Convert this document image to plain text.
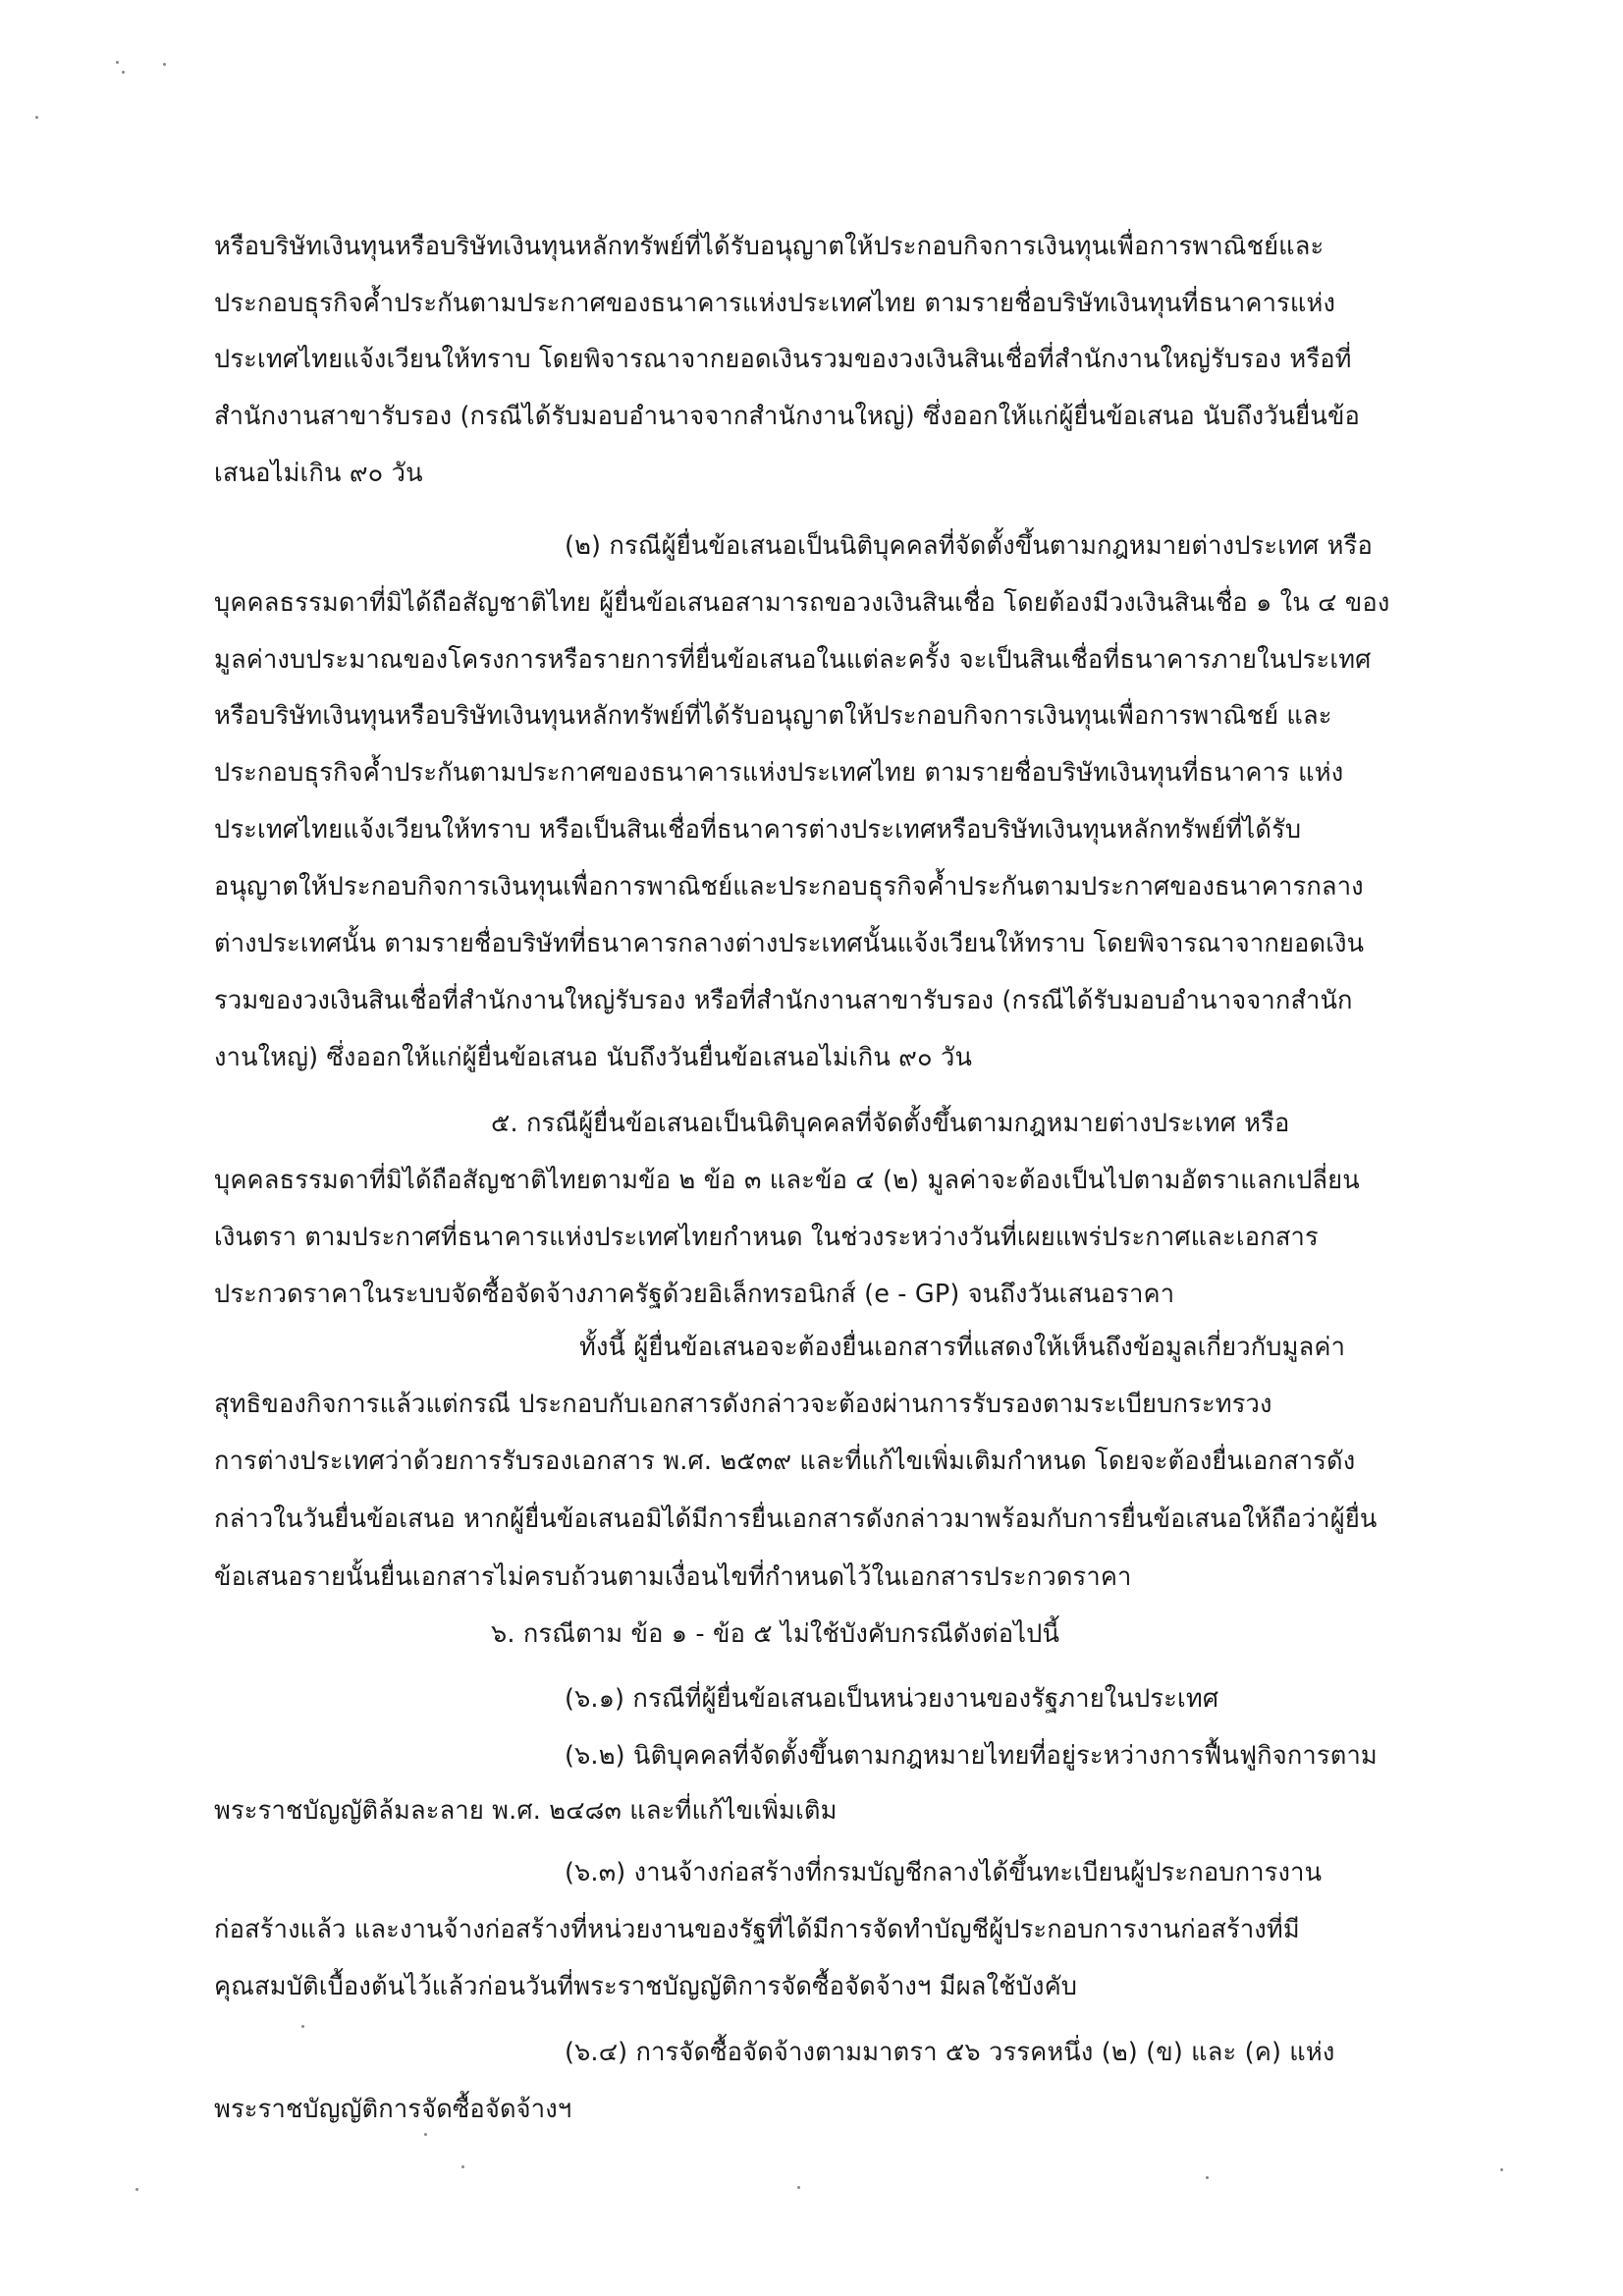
หรือบริษัทเงินทุนหรือบริษัทเงินทุนหลักทรัพย์ที่ได้รับอนุญาตให้ประกอบกิจการเงินทุนเพื่อการพาณิชย์และ
ประกอบธุรกิจค้ำประกันตามประกาศของธนาคารแห่งประเทศไทย ตามรายชื่อบริษัทเงินทุนที่ธนาคารแห่ง
ประเทศไทยแจ้งเวียนให้ทราบ โดยพิจารณาจากยอดเงินรวมของวงเงินสินเชื่อที่สำนักงานใหญ่รับรอง หรือที่
สำนักงานสาขารับรอง (กรณีได้รับมอบอำนาจจากสำนักงานใหญ่) ซึ่งออกให้แก่ผู้ยื่นข้อเสนอ นับถึงวันยื่นข้อ
เสนอไม่เกิน ๙๐ วัน
(๒) กรณีผู้ยื่นข้อเสนอเป็นนิติบุคคลที่จัดตั้งขึ้นตามกฎหมายต่างประเทศ หรือ
บุคคลธรรมดาที่มิได้ถือสัญชาติไทย ผู้ยื่นข้อเสนอสามารถขอวงเงินสินเชื่อ โดยต้องมีวงเงินสินเชื่อ ๑ ใน ๔ ของ
มูลค่างบประมาณของโครงการหรือรายการที่ยื่นข้อเสนอในแต่ละครั้ง จะเป็นสินเชื่อที่ธนาคารภายในประเทศ
หรือบริษัทเงินทุนหรือบริษัทเงินทุนหลักทรัพย์ที่ได้รับอนุญาตให้ประกอบกิจการเงินทุนเพื่อการพาณิชย์ และ
ประกอบธุรกิจค้ำประกันตามประกาศของธนาคารแห่งประเทศไทย ตามรายชื่อบริษัทเงินทุนที่ธนาคาร แห่ง
ประเทศไทยแจ้งเวียนให้ทราบ หรือเป็นสินเชื่อที่ธนาคารต่างประเทศหรือบริษัทเงินทุนหลักทรัพย์ที่ได้รับ
อนุญาตให้ประกอบกิจการเงินทุนเพื่อการพาณิชย์และประกอบธุรกิจค้ำประกันตามประกาศของธนาคารกลาง
ต่างประเทศนั้น ตามรายชื่อบริษัทที่ธนาคารกลางต่างประเทศนั้นแจ้งเวียนให้ทราบ โดยพิจารณาจากยอดเงิน
รวมของวงเงินสินเชื่อที่สำนักงานใหญ่รับรอง หรือที่สำนักงานสาขารับรอง (กรณีได้รับมอบอำนาจจากสำนัก
งานใหญ่) ซึ่งออกให้แก่ผู้ยื่นข้อเสนอ นับถึงวันยื่นข้อเสนอไม่เกิน ๙๐ วัน
๕. กรณีผู้ยื่นข้อเสนอเป็นนิติบุคคลที่จัดตั้งขึ้นตามกฎหมายต่างประเทศ หรือ
บุคคลธรรมดาที่มิได้ถือสัญชาติไทยตามข้อ ๒ ข้อ ๓ และข้อ ๔ (๒) มูลค่าจะต้องเป็นไปตามอัตราแลกเปลี่ยน
เงินตรา ตามประกาศที่ธนาคารแห่งประเทศไทยกำหนด ในช่วงระหว่างวันที่เผยแพร่ประกาศและเอกสาร
ประกวดราคาในระบบจัดซื้อจัดจ้างภาครัฐด้วยอิเล็กทรอนิกส์ (e - GP) จนถึงวันเสนอราคา
ทั้งนี้ ผู้ยื่นข้อเสนอจะต้องยื่นเอกสารที่แสดงให้เห็นถึงข้อมูลเกี่ยวกับมูลค่า
สุทธิของกิจการแล้วแต่กรณี ประกอบกับเอกสารดังกล่าวจะต้องผ่านการรับรองตามระเบียบกระทรวง
การต่างประเทศว่าด้วยการรับรองเอกสาร พ.ศ. ๒๕๓๙ และที่แก้ไขเพิ่มเติมกำหนด โดยจะต้องยื่นเอกสารดัง
กล่าวในวันยื่นข้อเสนอ หากผู้ยื่นข้อเสนอมิได้มีการยื่นเอกสารดังกล่าวมาพร้อมกับการยื่นข้อเสนอให้ถือว่าผู้ยื่น
ข้อเสนอรายนั้นยื่นเอกสารไม่ครบถ้วนตามเงื่อนไขที่กำหนดไว้ในเอกสารประกวดราคา
๖. กรณีตาม ข้อ ๑ - ข้อ ๕ ไม่ใช้บังคับกรณีดังต่อไปนี้
(๖.๑) กรณีที่ผู้ยื่นข้อเสนอเป็นหน่วยงานของรัฐภายในประเทศ
(๖.๒) นิติบุคคลที่จัดตั้งขึ้นตามกฎหมายไทยที่อยู่ระหว่างการฟื้นฟูกิจการตาม
พระราชบัญญัติล้มละลาย พ.ศ. ๒๔๘๓ และที่แก้ไขเพิ่มเติม
(๖.๓) งานจ้างก่อสร้างที่กรมบัญชีกลางได้ขึ้นทะเบียนผู้ประกอบการงาน
ก่อสร้างแล้ว และงานจ้างก่อสร้างที่หน่วยงานของรัฐที่ได้มีการจัดทำบัญชีผู้ประกอบการงานก่อสร้างที่มี
คุณสมบัติเบื้องต้นไว้แล้วก่อนวันที่พระราชบัญญัติการจัดซื้อจัดจ้างฯ มีผลใช้บังคับ
(๖.๔) การจัดซื้อจัดจ้างตามมาตรา ๕๖ วรรคหนึ่ง (๒) (ข) และ (ค) แห่ง
พระราชบัญญัติการจัดซื้อจัดจ้างฯ
